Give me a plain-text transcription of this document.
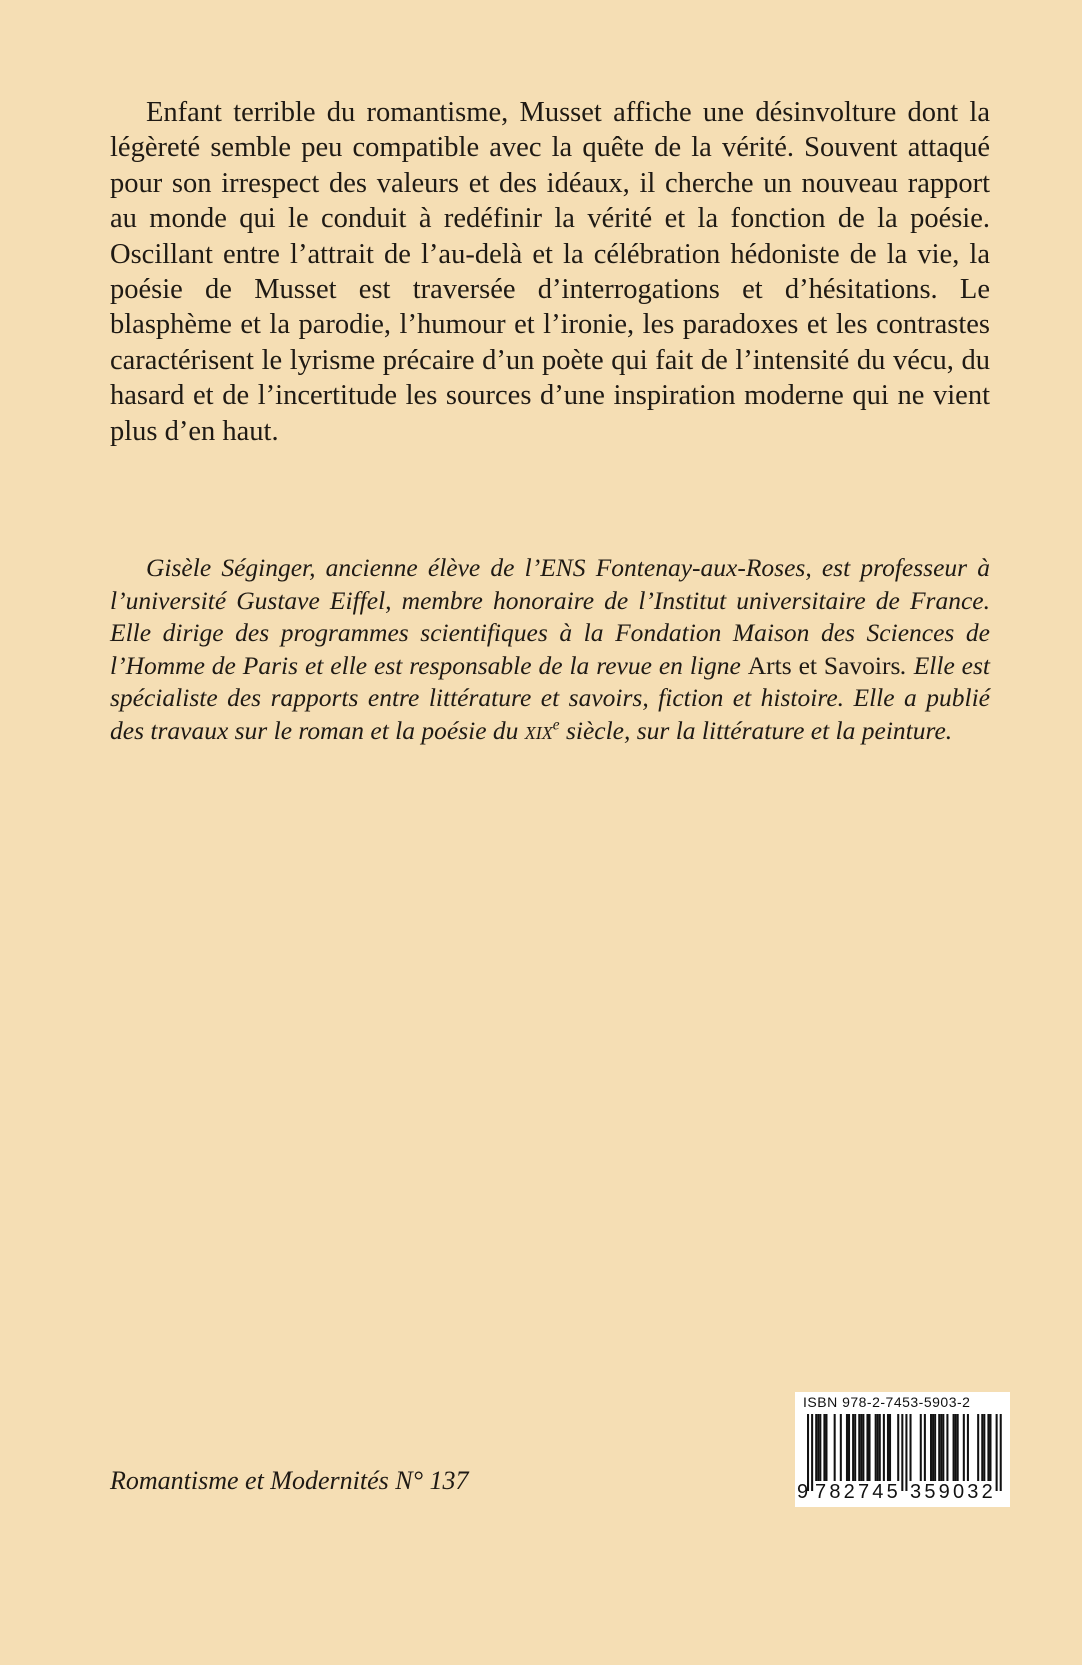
Enfant terrible du romantisme, Musset affiche une désinvolture dont la légèreté semble peu compatible avec la quête de la vérité. Souvent attaqué pour son irrespect des valeurs et des idéaux, il cherche un nouveau rapport au monde qui le conduit à redéfinir la vérité et la fonction de la poésie. Oscillant entre l’attrait de l’au-delà et la célébration hédoniste de la vie, la poésie de Musset est traversée d’interrogations et d’hésitations. Le blasphème et la parodie, l’humour et l’ironie, les paradoxes et les contrastes caractérisent le lyrisme précaire d’un poète qui fait de l’intensité du vécu, du hasard et de l’incertitude les sources d’une inspiration moderne qui ne vient plus d’en haut.

Gisèle Séginger, ancienne élève de l’ENS Fontenay-aux-Roses, est professeur à l’université Gustave Eiffel, membre honoraire de l’Institut universitaire de France. Elle dirige des programmes scientifiques à la Fondation Maison des Sciences de l’Homme de Paris et elle est responsable de la revue en ligne Arts et Savoirs. Elle est spécialiste des rapports entre littérature et savoirs, fiction et histoire. Elle a publié des travaux sur le roman et la poésie du xix$^e$ siècle, sur la littérature et la peinture.

Romantisme et Modernités N° 137

ISBN 978-2-7453-5903-2
9 782745 359032
